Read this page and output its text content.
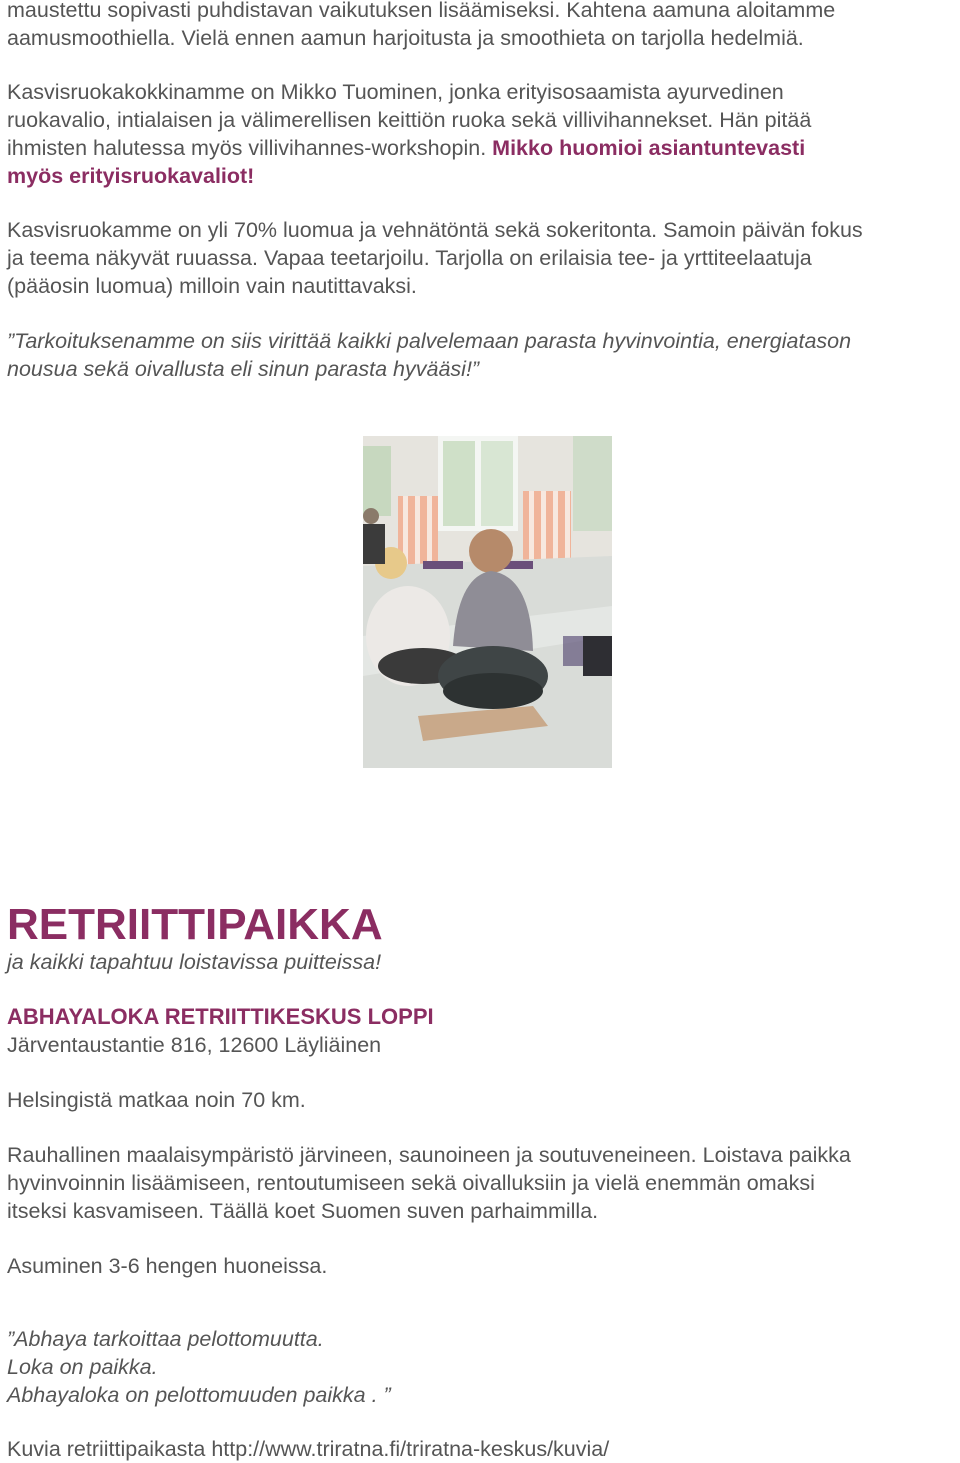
maustettu sopivasti puhdistavan vaikutuksen lisäämiseksi. Kahtena aamuna aloitamme
aamusmoothiella. Vielä ennen aamun harjoitusta ja smoothieta on tarjolla hedelmiä.
Kasvisruokakokkinamme on Mikko Tuominen, jonka erityisosaamista ayurvedinen
ruokavalio, intialaisen ja välimerellisen keittiön ruoka sekä villivihannekset. Hän pitää
ihmisten halutessa myös villivihannes-workshopin. Mikko huomioi asiantuntevasti
myös erityisruokavaliot!
Kasvisruokamme on yli 70% luomua ja vehnätöntä sekä sokeritonta. Samoin päivän fokus
ja teema näkyvät ruuassa. Vapaa teetarjoilu. Tarjolla on erilaisia tee- ja yrttiteelaatuja
(pääosin luomua) milloin vain nautittavaksi.
”Tarkoituksenamme on siis virittää kaikki palvelemaan parasta hyvinvointia, energiatason
nousua sekä oivallusta eli sinun parasta hyvääsi!”
RETRIITTIPAIKKA
ja kaikki tapahtuu loistavissa puitteissa!
ABHAYALOKA RETRIITTIKESKUS LOPPI
Järventaustantie 816, 12600 Läyliäinen
Helsingistä matkaa noin 70 km.
Rauhallinen maalaisympäristö järvineen, saunoineen ja soutuveneineen. Loistava paikka
hyvinvoinnin lisäämiseen, rentoutumiseen sekä oivalluksiin ja vielä enemmän omaksi
itseksi kasvamiseen. Täällä koet Suomen suven parhaimmilla.
Asuminen 3-6 hengen huoneissa.
”Abhaya tarkoittaa pelottomuutta.
Loka on paikka.
Abhayaloka on pelottomuuden paikka . ”
Kuvia retriittipaikasta http://www.triratna.fi/triratna-keskus/kuvia/
